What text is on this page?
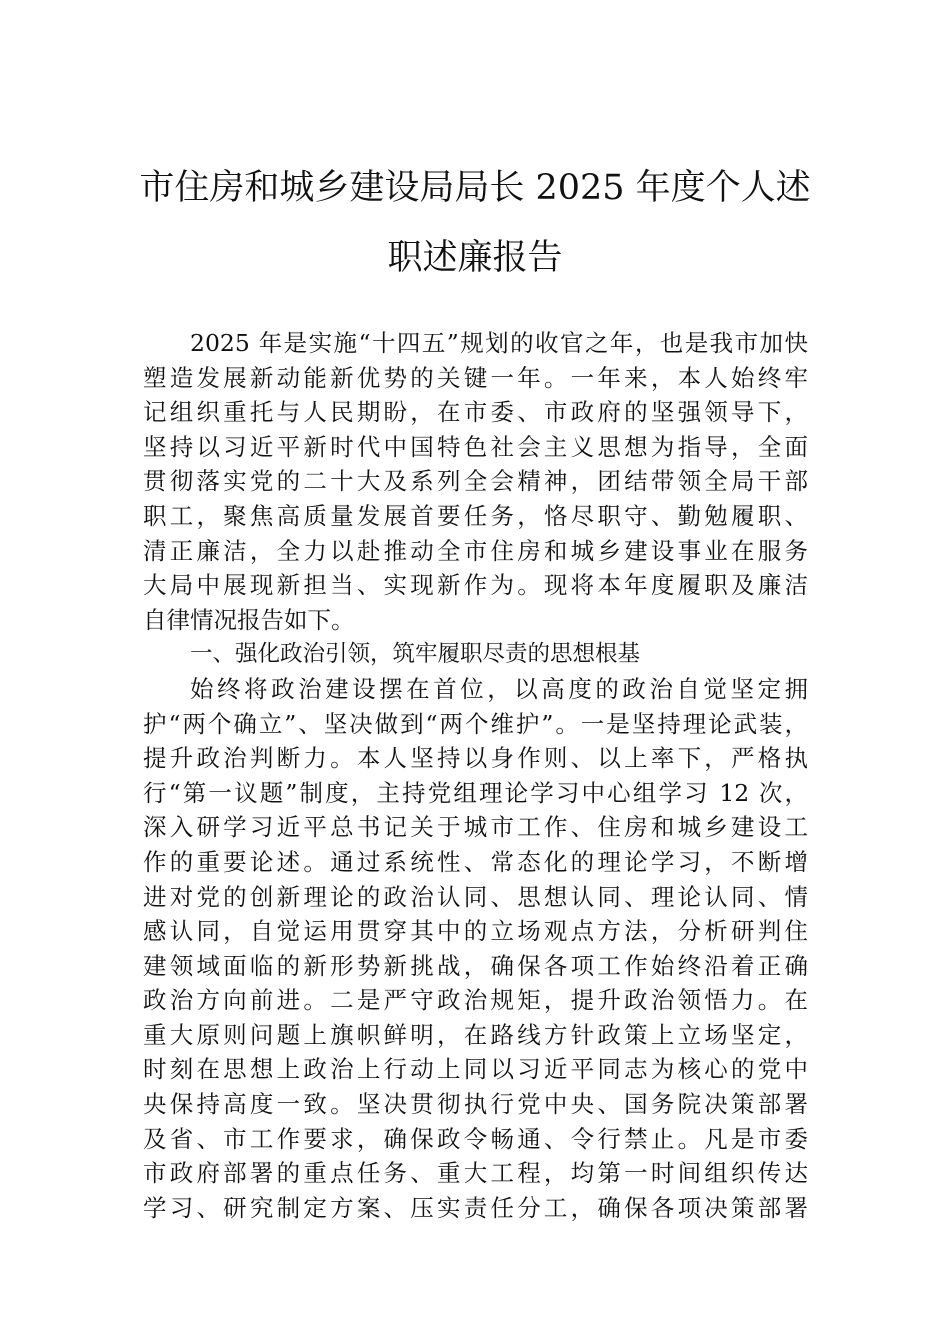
市住房和城乡建设局局长 2025 年度个人述
职述廉报告
2025 年是实施“十四五”规划的收官之年，也是我市加快
塑造发展新动能新优势的关键一年。一年来，本人始终牢
记组织重托与人民期盼，在市委、市政府的坚强领导下，
坚持以习近平新时代中国特色社会主义思想为指导，全面
贯彻落实党的二十大及系列全会精神，团结带领全局干部
职工，聚焦高质量发展首要任务，恪尽职守、勤勉履职、
清正廉洁，全力以赴推动全市住房和城乡建设事业在服务
大局中展现新担当、实现新作为。现将本年度履职及廉洁
自律情况报告如下。
一、强化政治引领，筑牢履职尽责的思想根基
始终将政治建设摆在首位，以高度的政治自觉坚定拥
护“两个确立”、坚决做到“两个维护”。一是坚持理论武装，
提升政治判断力。本人坚持以身作则、以上率下，严格执
行“第一议题”制度，主持党组理论学习中心组学习 12 次，
深入研学习近平总书记关于城市工作、住房和城乡建设工
作的重要论述。通过系统性、常态化的理论学习，不断增
进对党的创新理论的政治认同、思想认同、理论认同、情
感认同，自觉运用贯穿其中的立场观点方法，分析研判住
建领域面临的新形势新挑战，确保各项工作始终沿着正确
政治方向前进。二是严守政治规矩，提升政治领悟力。在
重大原则问题上旗帜鲜明，在路线方针政策上立场坚定，
时刻在思想上政治上行动上同以习近平同志为核心的党中
央保持高度一致。坚决贯彻执行党中央、国务院决策部署
及省、市工作要求，确保政令畅通、令行禁止。凡是市委
市政府部署的重点任务、重大工程，均第一时间组织传达
学习、研究制定方案、压实责任分工，确保各项决策部署
